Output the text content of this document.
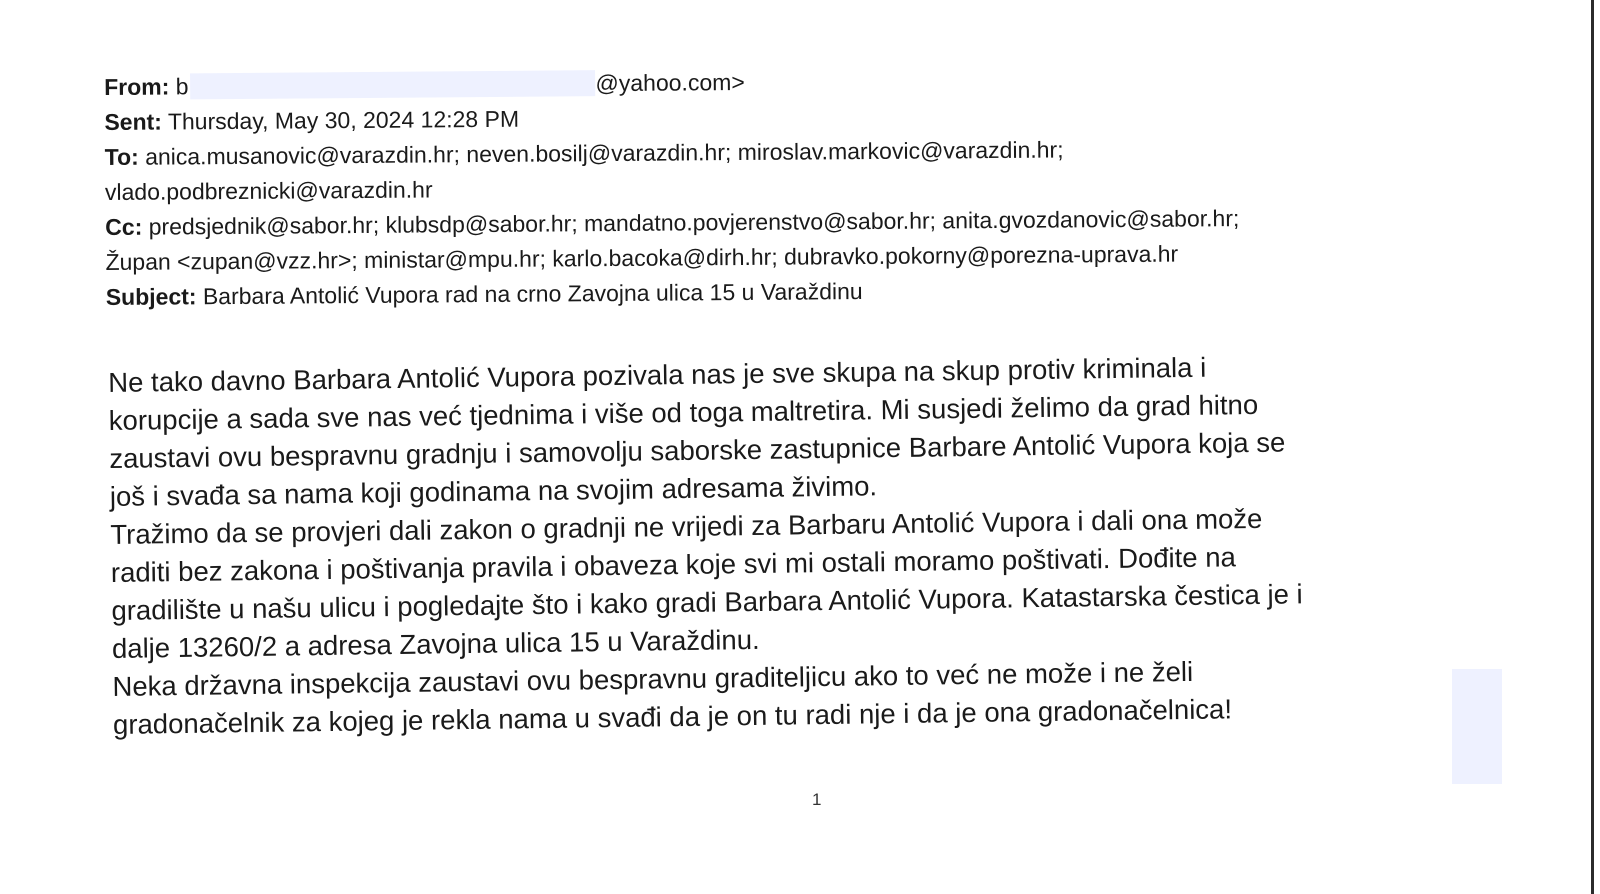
From: b	@yahoo.com>
Sent: Thursday, May 30, 2024 12:28 PM
To: anica.musanovic@varazdin.hr; neven.bosilj@varazdin.hr; miroslav.markovic@varazdin.hr;
vlado.podbreznicki@varazdin.hr
Cc: predsjednik@sabor.hr; klubsdp@sabor.hr; mandatno.povjerenstvo@sabor.hr; anita.gvozdanovic@sabor.hr;
Župan <zupan@vzz.hr>; ministar@mpu.hr; karlo.bacoka@dirh.hr; dubravko.pokorny@porezna-uprava.hr
Subject: Barbara Antolić Vupora rad na crno Zavojna ulica 15 u Varaždinu
Ne tako davno Barbara Antolić Vupora pozivala nas je sve skupa na skup protiv kriminala i
korupcije a sada sve nas već tjednima i više od toga maltretira. Mi susjedi želimo da grad hitno
zaustavi ovu bespravnu gradnju i samovolju saborske zastupnice Barbare Antolić Vupora koja se
još i svađa sa nama koji godinama na svojim adresama živimo.
Tražimo da se provjeri dali zakon o gradnji ne vrijedi za Barbaru Antolić Vupora i dali ona može
raditi bez zakona i poštivanja pravila i obaveza koje svi mi ostali moramo poštivati. Dođite na
gradilište u našu ulicu i pogledajte što i kako gradi Barbara Antolić Vupora. Katastarska čestica je i
dalje 13260/2 a adresa Zavojna ulica 15 u Varaždinu.
Neka državna inspekcija zaustavi ovu bespravnu graditeljicu ako to već ne može i ne želi
gradonačelnik za kojeg je rekla nama u svađi da je on tu radi nje i da je ona gradonačelnica!
1
